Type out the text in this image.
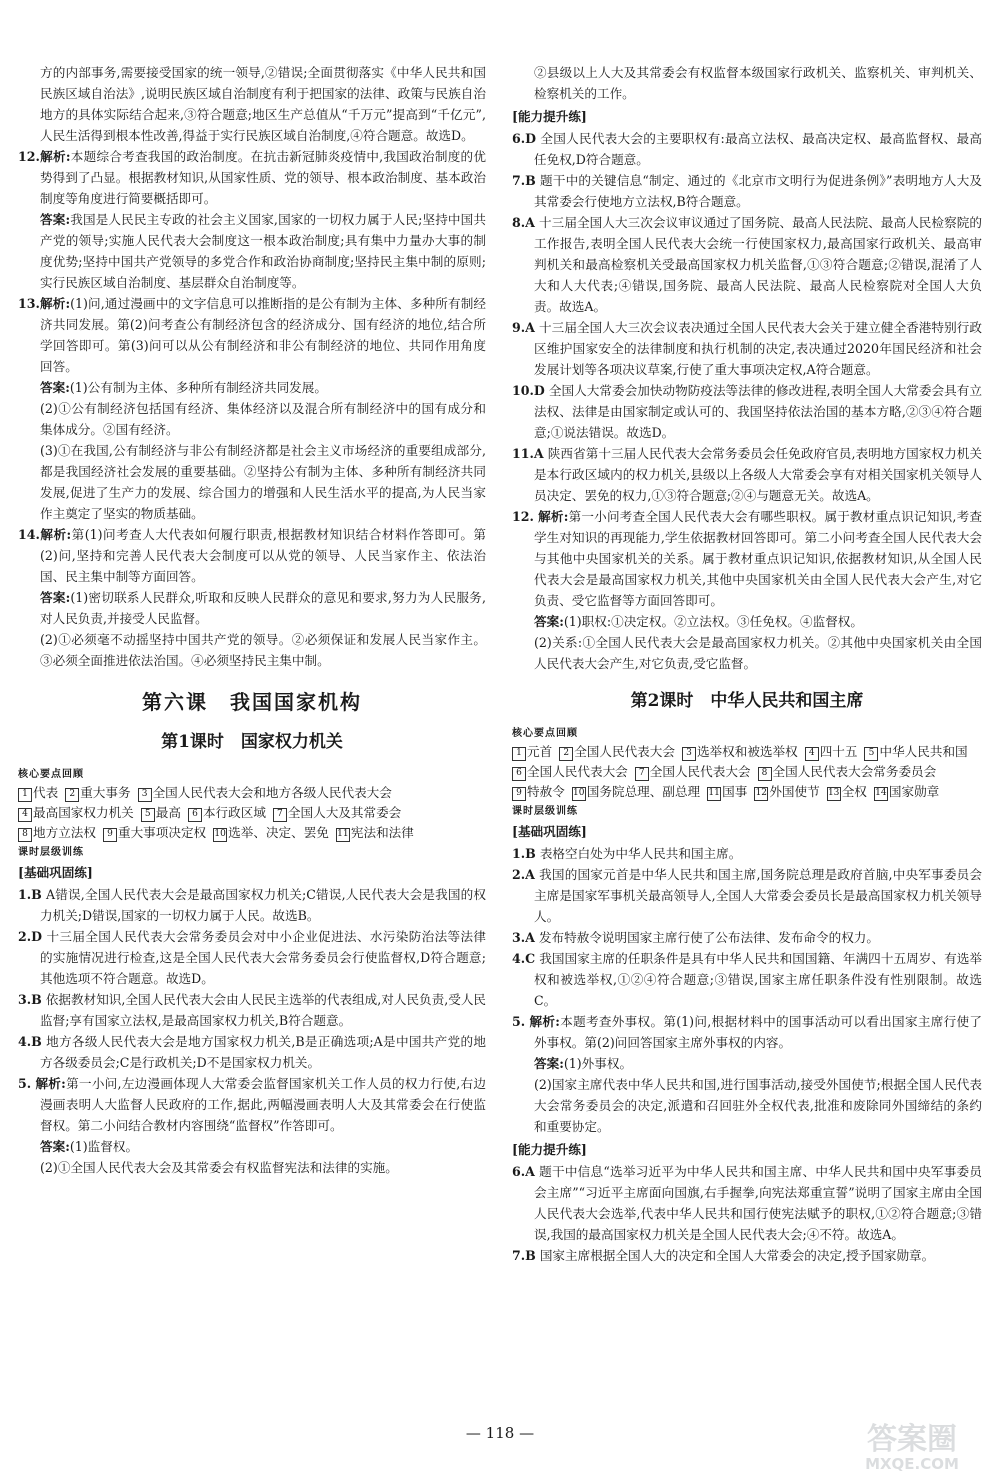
方的内部事务,需要接受国家的统一领导,②错误;全面贯彻落实《中华人民共和国民族区域自治法》,说明民族区域自治制度有利于把国家的法律、政策与民族自治地方的具体实际结合起来,③符合题意;地区生产总值从“千万元”提高到“千亿元”,人民生活得到根本性改善,得益于实行民族区域自治制度,④符合题意。故选D。

12.解析:本题综合考查我国的政治制度。在抗击新冠肺炎疫情中,我国政治制度的优势得到了凸显。根据教材知识,从国家性质、党的领导、根本政治制度、基本政治制度等角度进行简要概括即可。

答案:我国是人民民主专政的社会主义国家,国家的一切权力属于人民;坚持中国共产党的领导;实施人民代表大会制度这一根本政治制度;具有集中力量办大事的制度优势;坚持中国共产党领导的多党合作和政治协商制度;坚持民主集中制的原则;实行民族区域自治制度、基层群众自治制度等。

13.解析:(1)问,通过漫画中的文字信息可以推断指的是公有制为主体、多种所有制经济共同发展。第(2)问考查公有制经济包含的经济成分、国有经济的地位,结合所学回答即可。第(3)问可以从公有制经济和非公有制经济的地位、共同作用角度回答。

答案:(1)公有制为主体、多种所有制经济共同发展。

(2)①公有制经济包括国有经济、集体经济以及混合所有制经济中的国有成分和集体成分。②国有经济。

(3)①在我国,公有制经济与非公有制经济都是社会主义市场经济的重要组成部分,都是我国经济社会发展的重要基础。②坚持公有制为主体、多种所有制经济共同发展,促进了生产力的发展、综合国力的增强和人民生活水平的提高,为人民当家作主奠定了坚实的物质基础。

14.解析:第(1)问考查人大代表如何履行职责,根据教材知识结合材料作答即可。第(2)问,坚持和完善人民代表大会制度可以从党的领导、人民当家作主、依法治国、民主集中制等方面回答。

答案:(1)密切联系人民群众,听取和反映人民群众的意见和要求,努力为人民服务,对人民负责,并接受人民监督。

(2)①必须毫不动摇坚持中国共产党的领导。②必须保证和发展人民当家作主。③必须全面推进依法治国。④必须坚持民主集中制。

第六课　我国国家机构
第1课时　国家权力机关
核心要点回顾
1 代表	2 重大事务	3 全国人民代表大会和地方各级人民代表大会
4 最高国家权力机关	5 最高	6 本行政区域	7 全国人大及其常委会
8 地方立法权	9 重大事项决定权 10 选举、决定、罢免 11 宪法和法律
课时层级训练
[基础巩固练]

1.B A错误,全国人民代表大会是最高国家权力机关;C错误,人民代表大会是我国的权力机关;D错误,国家的一切权力属于人民。故选B。

2.D 十三届全国人民代表大会常务委员会对中小企业促进法、水污染防治法等法律的实施情况进行检查,这是全国人民代表大会常务委员会行使监督权,D符合题意;其他选项不符合题意。故选D。

3.B 依据教材知识,全国人民代表大会由人民民主选举的代表组成,对人民负责,受人民监督;享有国家立法权,是最高国家权力机关,B符合题意。

4.B 地方各级人民代表大会是地方国家权力机关,B是正确选项;A是中国共产党的地方各级委员会;C是行政机关;D不是国家权力机关。

5. 解析:第一小问,左边漫画体现人大常委会监督国家机关工作人员的权力行使,右边漫画表明人大监督人民政府的工作,据此,两幅漫画表明人大及其常委会在行使监督权。第二小问结合教材内容围绕“监督权”作答即可。

答案:(1)监督权。

(2)①全国人民代表大会及其常委会有权监督宪法和法律的实施。

②县级以上人大及其常委会有权监督本级国家行政机关、监察机关、审判机关、检察机关的工作。

[能力提升练]

6.D 全国人民代表大会的主要职权有:最高立法权、最高决定权、最高监督权、最高任免权,D符合题意。

7.B 题干中的关键信息“制定、通过的《北京市文明行为促进条例》”表明地方人大及其常委会行使地方立法权,B符合题意。

8.A 十三届全国人大三次会议审议通过了国务院、最高人民法院、最高人民检察院的工作报告,表明全国人民代表大会统一行使国家权力,最高国家行政机关、最高审判机关和最高检察机关受最高国家权力机关监督,①③符合题意;②错误,混淆了人大和人大代表;④错误,国务院、最高人民法院、最高人民检察院对全国人大负责。故选A。

9.A 十三届全国人大三次会议表决通过全国人民代表大会关于建立健全香港特别行政区维护国家安全的法律制度和执行机制的决定,表决通过2020年国民经济和社会发展计划等各项决议草案,行使了重大事项决定权,A符合题意。

10.D 全国人大常委会加快动物防疫法等法律的修改进程,表明全国人大常委会具有立法权、法律是由国家制定或认可的、我国坚持依法治国的基本方略,②③④符合题意;①说法错误。故选D。

11.A 陕西省第十三届人民代表大会常务委员会任免政府官员,表明地方国家权力机关是本行政区域内的权力机关,县级以上各级人大常委会享有对相关国家机关领导人员决定、罢免的权力,①③符合题意;②④与题意无关。故选A。

12. 解析:第一小问考查全国人民代表大会有哪些职权。属于教材重点识记知识,考查学生对知识的再现能力,学生依据教材回答即可。第二小问考查全国人民代表大会与其他中央国家机关的关系。属于教材重点识记知识,依据教材知识,从全国人民代表大会是最高国家权力机关,其他中央国家机关由全国人民代表大会产生,对它负责、受它监督等方面回答即可。

答案:(1)职权:①决定权。②立法权。③任免权。④监督权。

(2)关系:①全国人民代表大会是最高国家权力机关。②其他中央国家机关由全国人民代表大会产生,对它负责,受它监督。

第2课时　中华人民共和国主席
核心要点回顾
1 元首	2 全国人民代表大会	3 选举权和被选举权	4 四十五	5 中华人民共和国
6 全国人民代表大会	7 全国人民代表大会	8 全国人民代表大会常务委员会
9 特赦令 10 国务院总理、副总理 11 国事 12 外国使节 13 全权 14 国家勋章
课时层级训练
[基础巩固练]

1.B 表格空白处为中华人民共和国主席。

2.A 我国的国家元首是中华人民共和国主席,国务院总理是政府首脑,中央军事委员会主席是国家军事机关最高领导人,全国人大常委会委员长是最高国家权力机关领导人。

3.A 发布特赦令说明国家主席行使了公布法律、发布命令的权力。

4.C 我国国家主席的任职条件是具有中华人民共和国国籍、年满四十五周岁、有选举权和被选举权,①②④符合题意;③错误,国家主席任职条件没有性别限制。故选C。

5. 解析:本题考查外事权。第(1)问,根据材料中的国事活动可以看出国家主席行使了外事权。第(2)问回答国家主席外事权的内容。

答案:(1)外事权。

(2)国家主席代表中华人民共和国,进行国事活动,接受外国使节;根据全国人民代表大会常务委员会的决定,派遣和召回驻外全权代表,批准和废除同外国缔结的条约和重要协定。

[能力提升练]

6.A 题干中信息“选举习近平为中华人民共和国主席、中华人民共和国中央军事委员会主席”“习近平主席面向国旗,右手握拳,向宪法郑重宣誓”说明了国家主席由全国人民代表大会选举,代表中华人民共和国行使宪法赋予的职权,①②符合题意;③错误,我国的最高国家权力机关是全国人民代表大会;④不符。故选A。

7.B 国家主席根据全国人大的决定和全国人大常委会的决定,授予国家勋章。

— 118 —	答案圈
MXQE.COM
